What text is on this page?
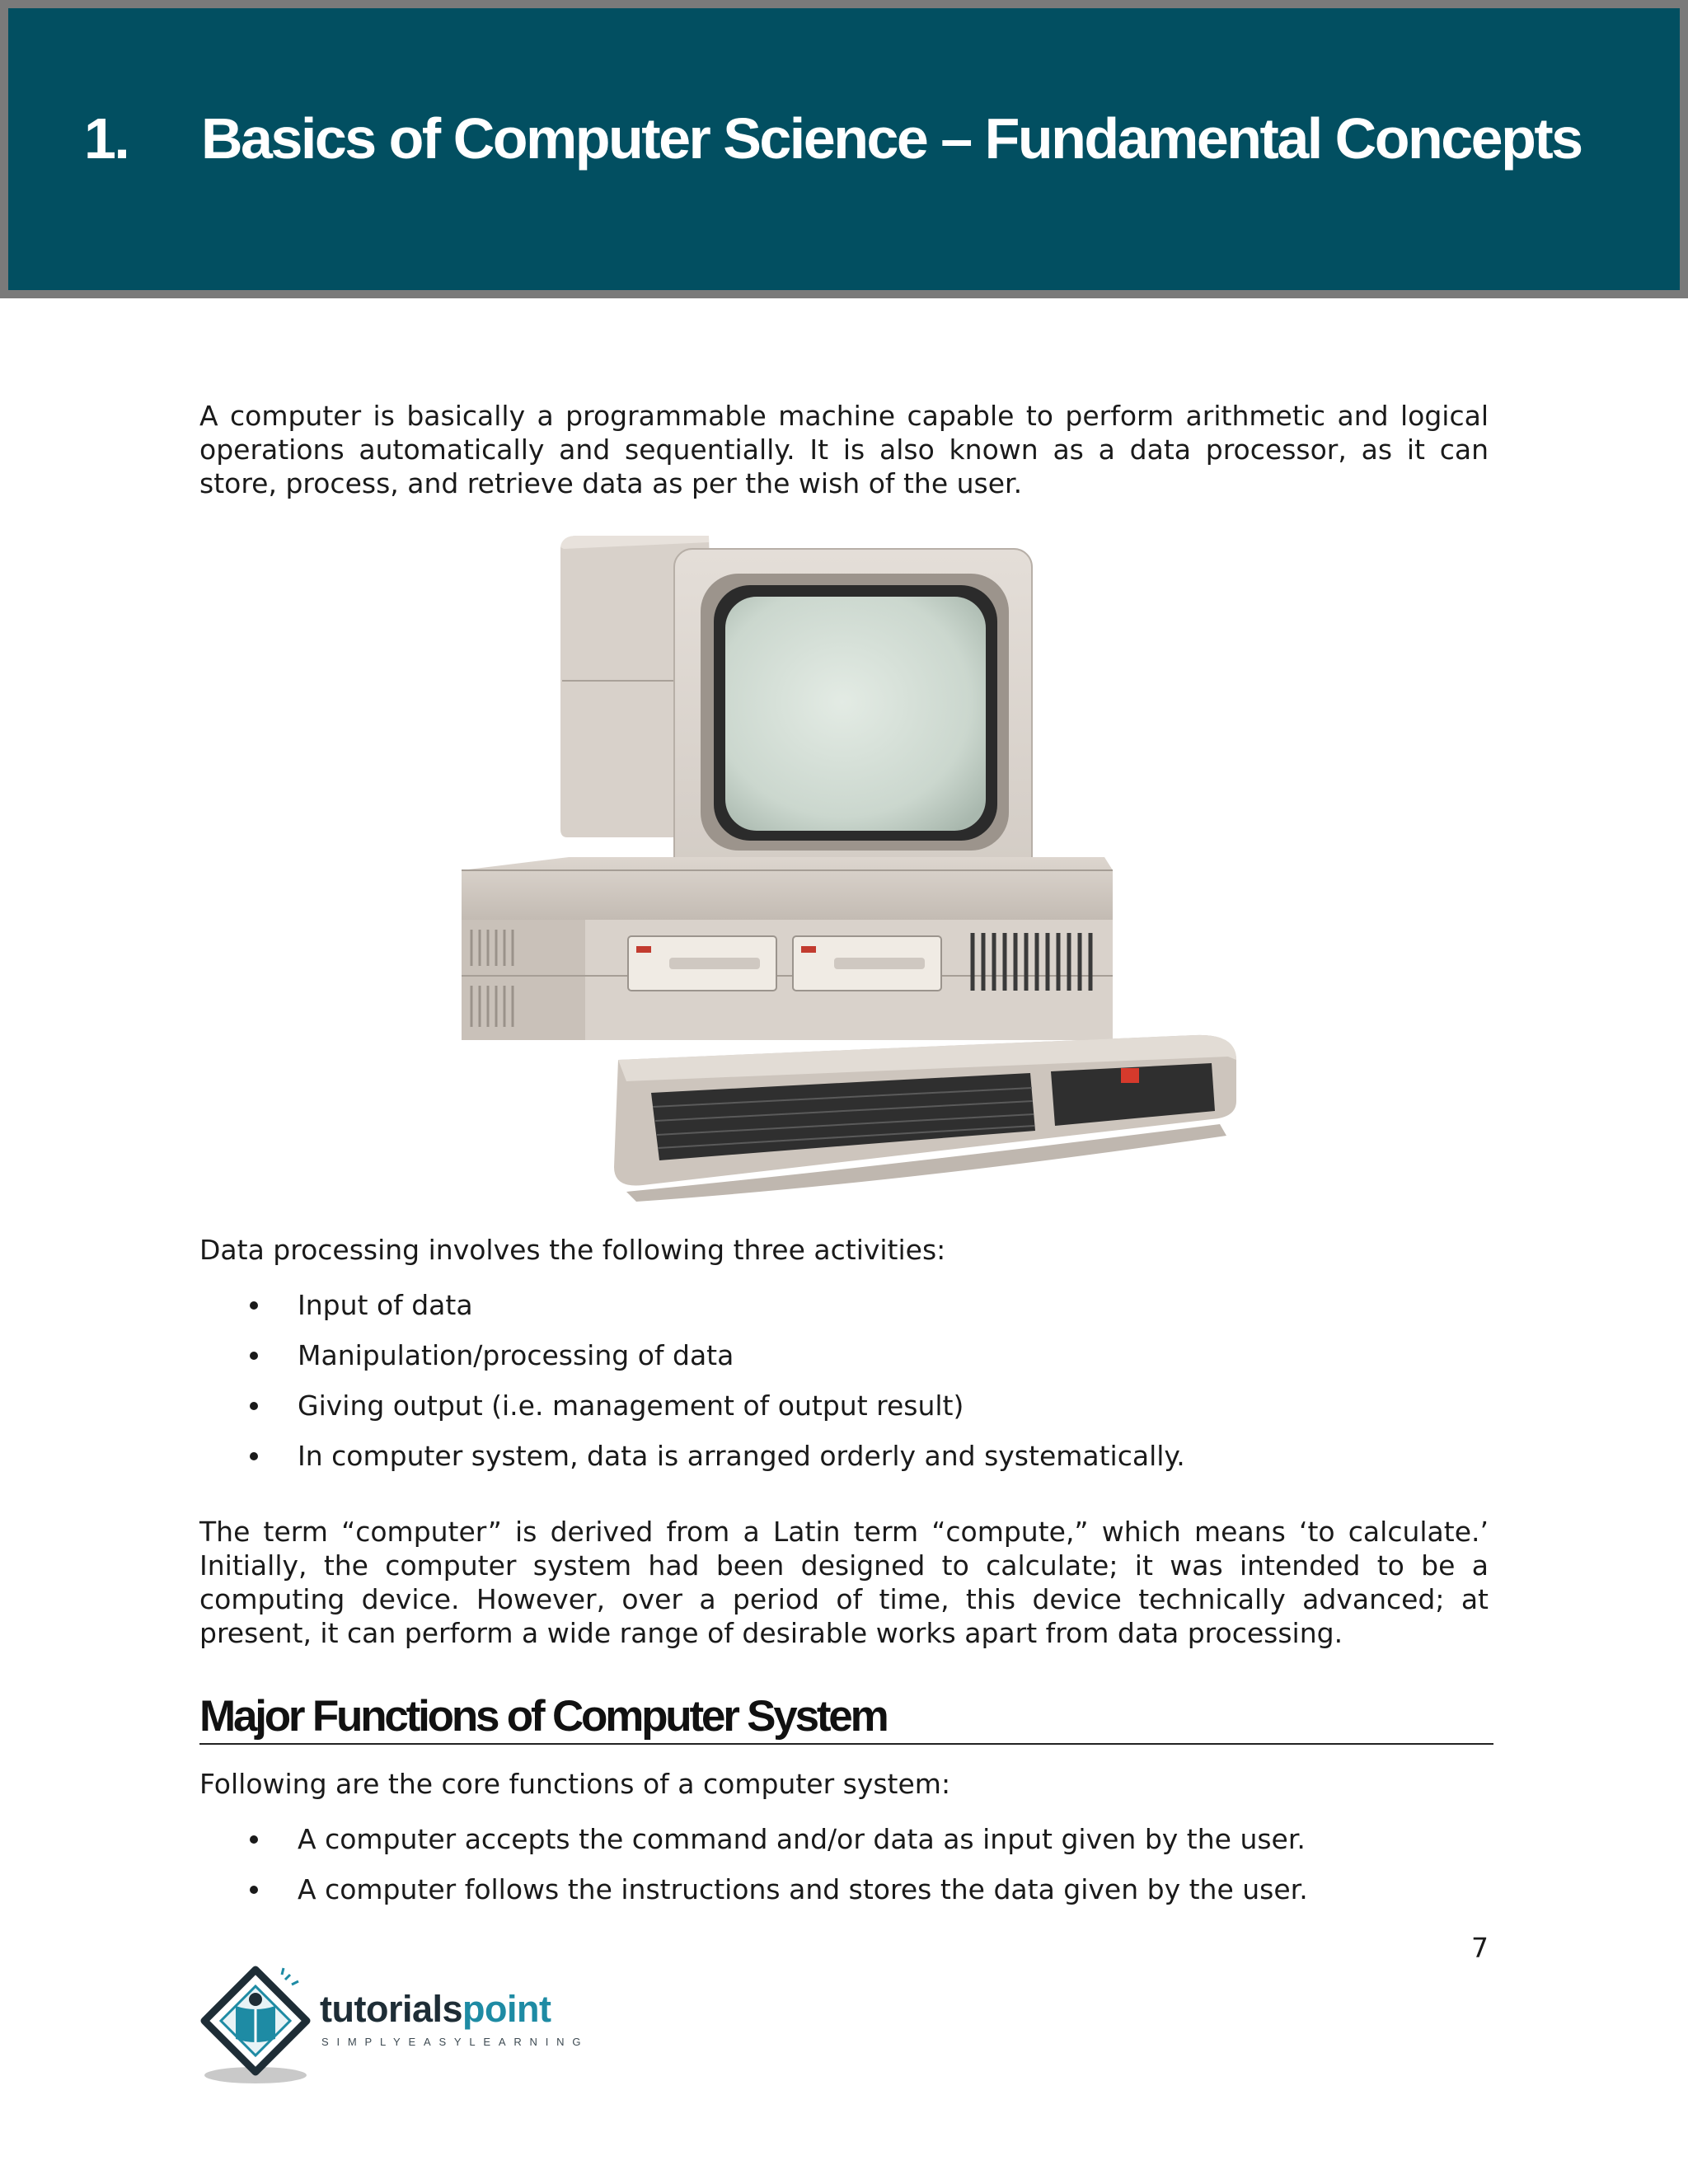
1. Basics of Computer Science – Fundamental Concepts

A computer is basically a programmable machine capable to perform arithmetic and logical operations automatically and sequentially. It is also known as a data processor, as it can store, process, and retrieve data as per the wish of the user.

Data processing involves the following three activities:

Input of data
Manipulation/processing of data
Giving output (i.e. management of output result)
In computer system, data is arranged orderly and systematically.

The term “computer” is derived from a Latin term “compute,” which means ‘to calculate.’ Initially, the computer system had been designed to calculate; it was intended to be a computing device. However, over a period of time, this device technically advanced; at present, it can perform a wide range of desirable works apart from data processing.

Major Functions of Computer System

Following are the core functions of a computer system:

A computer accepts the command and/or data as input given by the user.
A computer follows the instructions and stores the data given by the user.
7

tutorialspoint

SIMPLYEASYLEARNING
